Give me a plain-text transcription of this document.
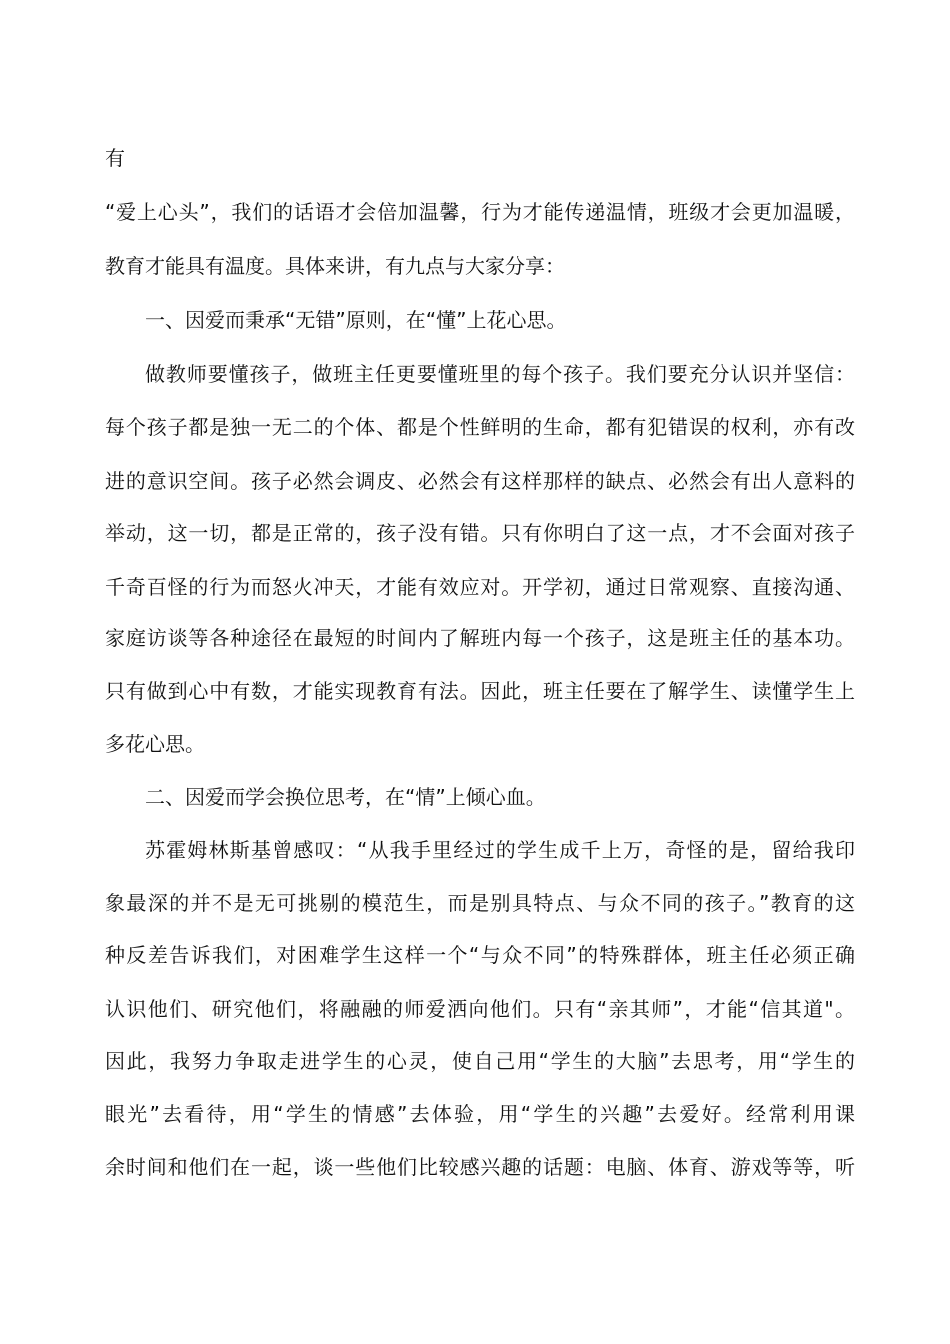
有
“爱上心头”，我们的话语才会倍加温馨，行为才能传递温情，班级才会更加温暖，
教育才能具有温度。具体来讲，有九点与大家分享：
一、因爱而秉承“无错”原则，在“懂”上花心思。
做教师要懂孩子，做班主任更要懂班里的每个孩子。我们要充分认识并坚信：
每个孩子都是独一无二的个体、都是个性鲜明的生命，都有犯错误的权利，亦有改
进的意识空间。孩子必然会调皮、必然会有这样那样的缺点、必然会有出人意料的
举动，这一切，都是正常的，孩子没有错。只有你明白了这一点，才不会面对孩子
千奇百怪的行为而怒火冲天，才能有效应对。开学初，通过日常观察、直接沟通、
家庭访谈等各种途径在最短的时间内了解班内每一个孩子，这是班主任的基本功。
只有做到心中有数，才能实现教育有法。因此，班主任要在了解学生、读懂学生上
多花心思。
二、因爱而学会换位思考，在“情”上倾心血。
苏霍姆林斯基曾感叹：“从我手里经过的学生成千上万，奇怪的是，留给我印
象最深的并不是无可挑剔的模范生，而是别具特点、与众不同的孩子。”教育的这
种反差告诉我们，对困难学生这样一个“与众不同”的特殊群体，班主任必须正确
认识他们、研究他们，将融融的师爱洒向他们。只有“亲其师”，才能“信其道"。
因此，我努力争取走进学生的心灵，使自己用“学生的大脑”去思考，用“学生的
眼光”去看待，用“学生的情感”去体验，用“学生的兴趣”去爱好。经常利用课
余时间和他们在一起，谈一些他们比较感兴趣的话题：电脑、体育、游戏等等，听
